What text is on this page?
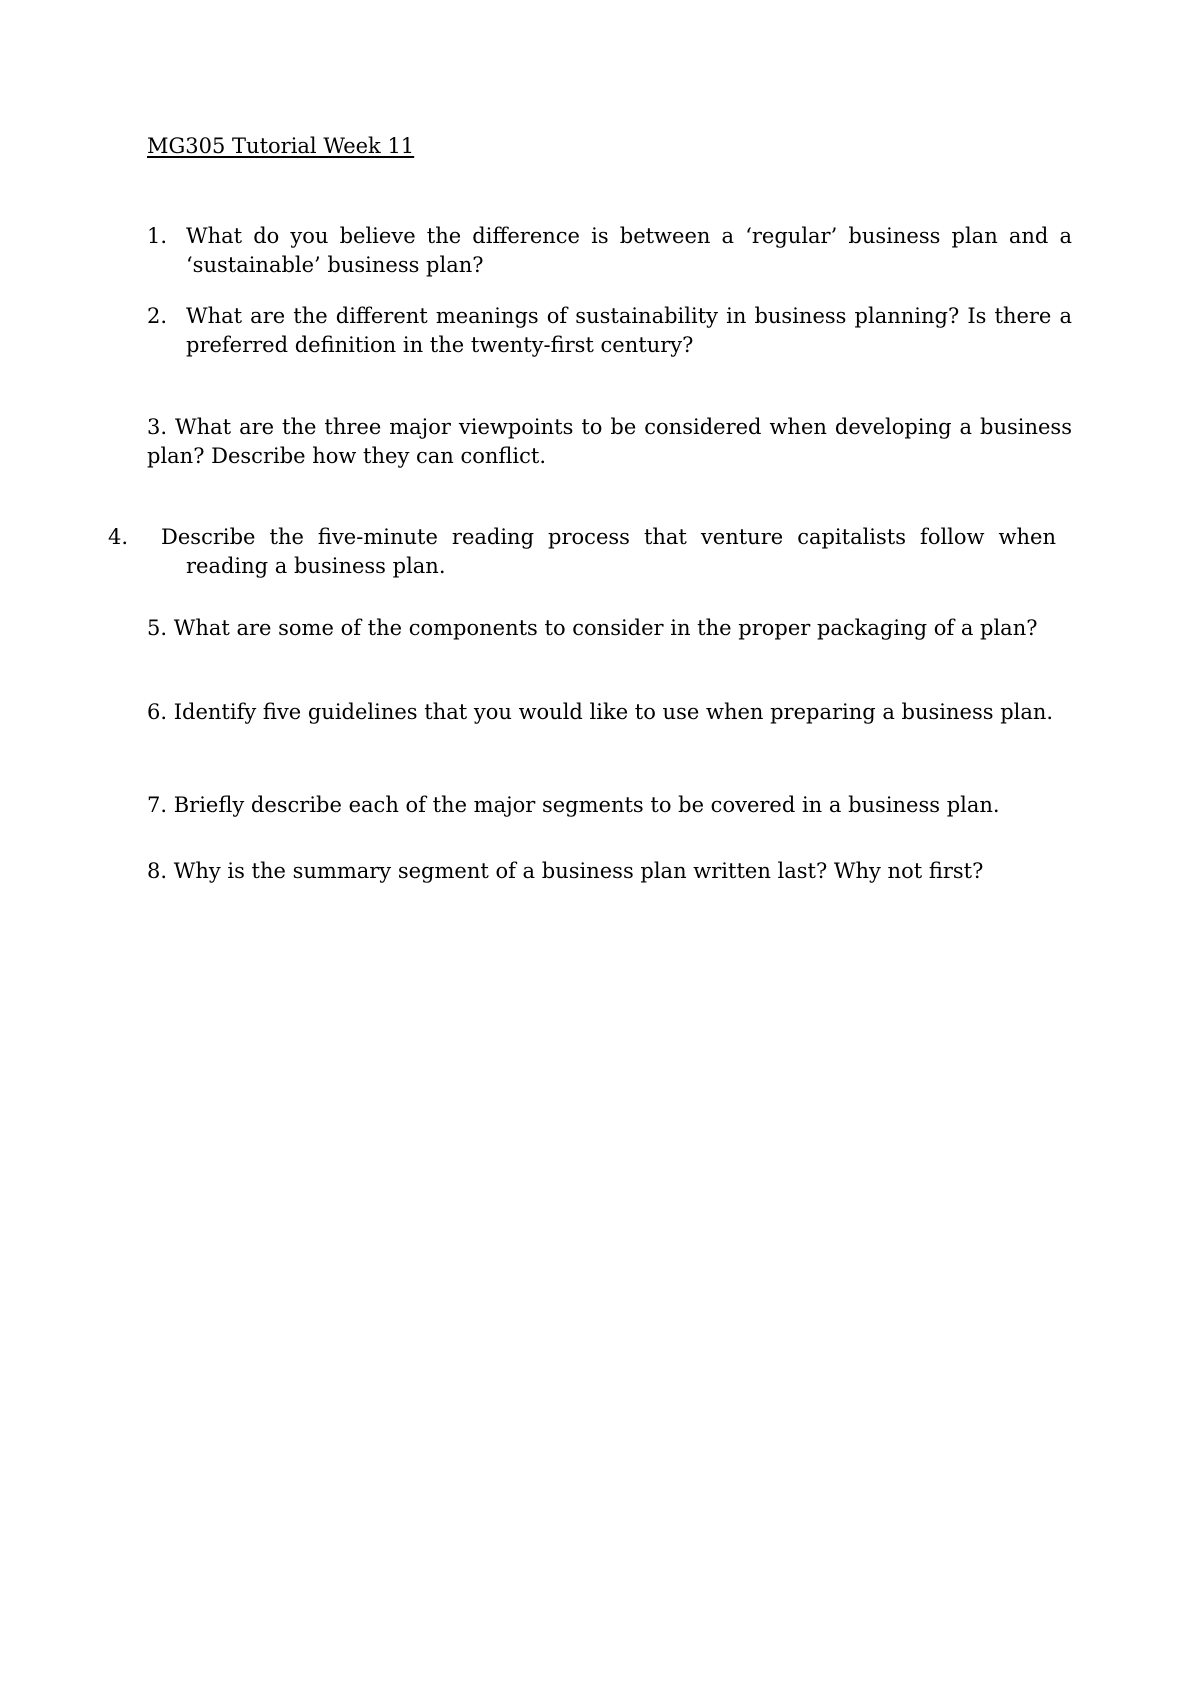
MG305 Tutorial Week 11
1. What do you believe the difference is between a ‘regular’ business plan and a ‘sustainable’ business plan?
2. What are the different meanings of sustainability in business planning? Is there a preferred definition in the twenty-first century?
3. What are the three major viewpoints to be considered when developing a business plan? Describe how they can conflict.
4. Describe the five-minute reading process that venture capitalists follow when reading a business plan.
5. What are some of the components to consider in the proper packaging of a plan?
6. Identify five guidelines that you would like to use when preparing a business plan.
7. Briefly describe each of the major segments to be covered in a business plan.
8. Why is the summary segment of a business plan written last? Why not first?
